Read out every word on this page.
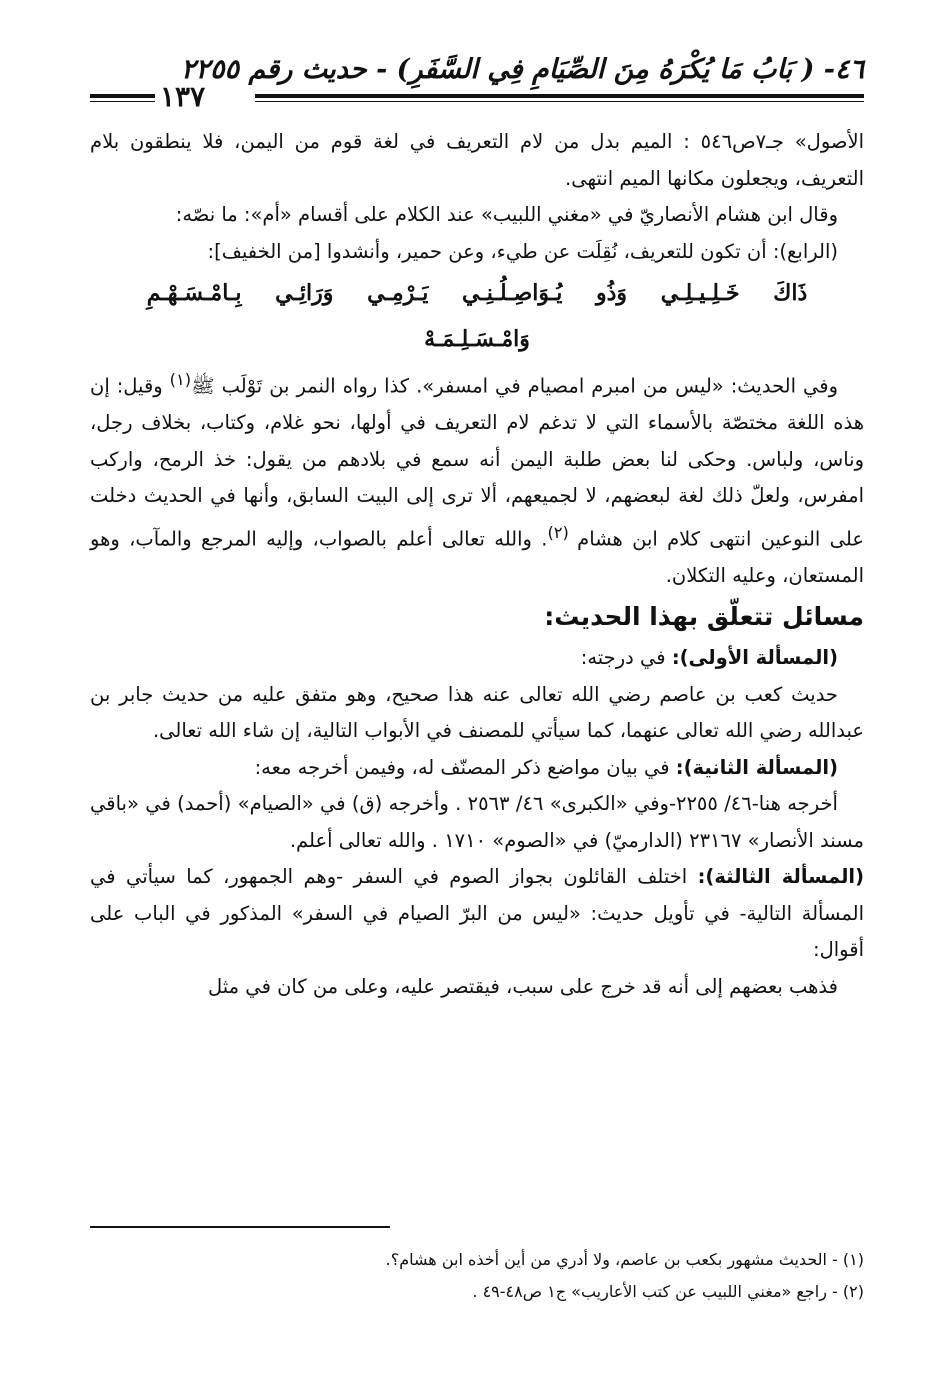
٤٦- ( بَابُ مَا يُكْرَهُ مِنَ الصِّيَامِ فِي السَّفَرِ) - حديث رقم ٢٢٥٥
١٣٧

الأصول» جـ٧ص٥٤٦ : الميم بدل من لام التعريف في لغة قوم من اليمن، فلا ينطقون بلام التعريف، ويجعلون مكانها الميم انتهى.

وقال ابن هشام الأنصاريّ في «مغني اللبيب» عند الكلام على أقسام «أم»: ما نصّه:

(الرابع): أن تكون للتعريف، نُقِلَت عن طيء، وعن حمير، وأنشدوا [من الخفيف]:

ذَاكَ خَـلِـيـلِـي وَذُو يُـوَاصِـلُـنِـي يَـرْمِـي وَرَائِـي بِـامْـسَـهْـمِ وَامْـسَـلِـمَـهْ

وفي الحديث: «ليس من امبرم امصيام في امسفر». كذا رواه النمر بن تَوْلَب ﷺ$^{(١)}$ وقيل: إن هذه اللغة مختصّة بالأسماء التي لا تدغم لام التعريف في أولها، نحو غلام، وكتاب، بخلاف رجل، وناس، ولباس. وحكى لنا بعض طلبة اليمن أنه سمع في بلادهم من يقول: خذ الرمح، واركب امفرس، ولعلّ ذلك لغة لبعضهم، لا لجميعهم، ألا ترى إلى البيت السابق، وأنها في الحديث دخلت على النوعين انتهى كلام ابن هشام $^{(٢)}$. والله تعالى أعلم بالصواب، وإليه المرجع والمآب، وهو المستعان، وعليه التكلان.

مسائل تتعلّق بهذا الحديث:

(المسألة الأولى): في درجته:

حديث كعب بن عاصم رضي الله تعالى عنه هذا صحيح، وهو متفق عليه من حديث جابر بن عبدالله رضي الله تعالى عنهما، كما سيأتي للمصنف في الأبواب التالية، إن شاء الله تعالى.

(المسألة الثانية): في بيان مواضع ذكر المصنّف له، وفيمن أخرجه معه:

أخرجه هنا-٤٦/ ٢٢٥٥-وفي «الكبرى» ٤٦/ ٢٥٦٣ . وأخرجه (ق) في «الصيام» (أحمد) في «باقي مسند الأنصار» ٢٣١٦٧ (الدارميّ) في «الصوم» ١٧١٠ . والله تعالى أعلم.

(المسألة الثالثة): اختلف القائلون بجواز الصوم في السفر -وهم الجمهور، كما سيأتي في المسألة التالية- في تأويل حديث: «ليس من البرّ الصيام في السفر» المذكور في الباب على أقوال:

فذهب بعضهم إلى أنه قد خرج على سبب، فيقتصر عليه، وعلى من كان في مثل

(١) - الحديث مشهور بكعب بن عاصم، ولا أدري من أين أخذه ابن هشام؟.

(٢) - راجع «مغني اللبيب عن كتب الأعاريب» ج١ ص٤٨-٤٩ .
